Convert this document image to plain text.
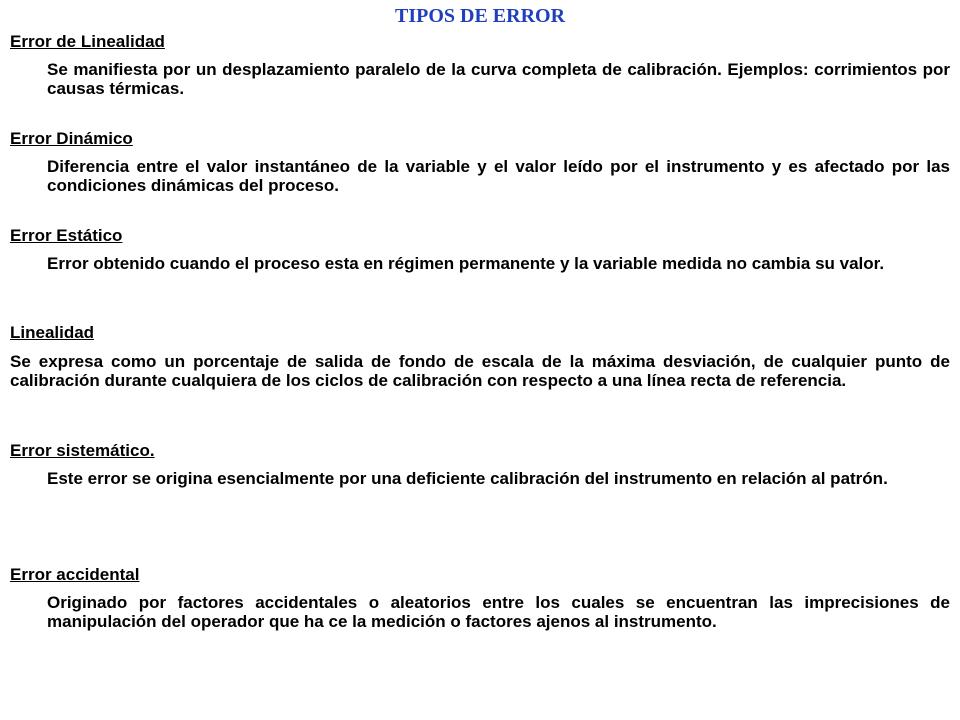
TIPOS DE ERROR
Error de Linealidad
Se manifiesta por un desplazamiento paralelo de la curva completa de calibración. Ejemplos: corrimientos por causas térmicas.
Error Dinámico
Diferencia entre el valor instantáneo de la variable y el valor leído por el instrumento y es afectado por las condiciones dinámicas del proceso.
Error Estático
Error obtenido cuando el proceso esta en régimen permanente y la variable medida no cambia su valor.
Linealidad
Se expresa como un porcentaje de salida de fondo de escala de la máxima desviación, de cualquier punto de calibración durante cualquiera de los ciclos de calibración con respecto a una línea recta de referencia.
Error sistemático.
Este error se origina esencialmente por una deficiente calibración del instrumento en relación al patrón.
Error accidental
Originado por factores accidentales o aleatorios entre los cuales se encuentran las imprecisiones de manipulación del operador que ha ce la medición o factores ajenos al instrumento.
